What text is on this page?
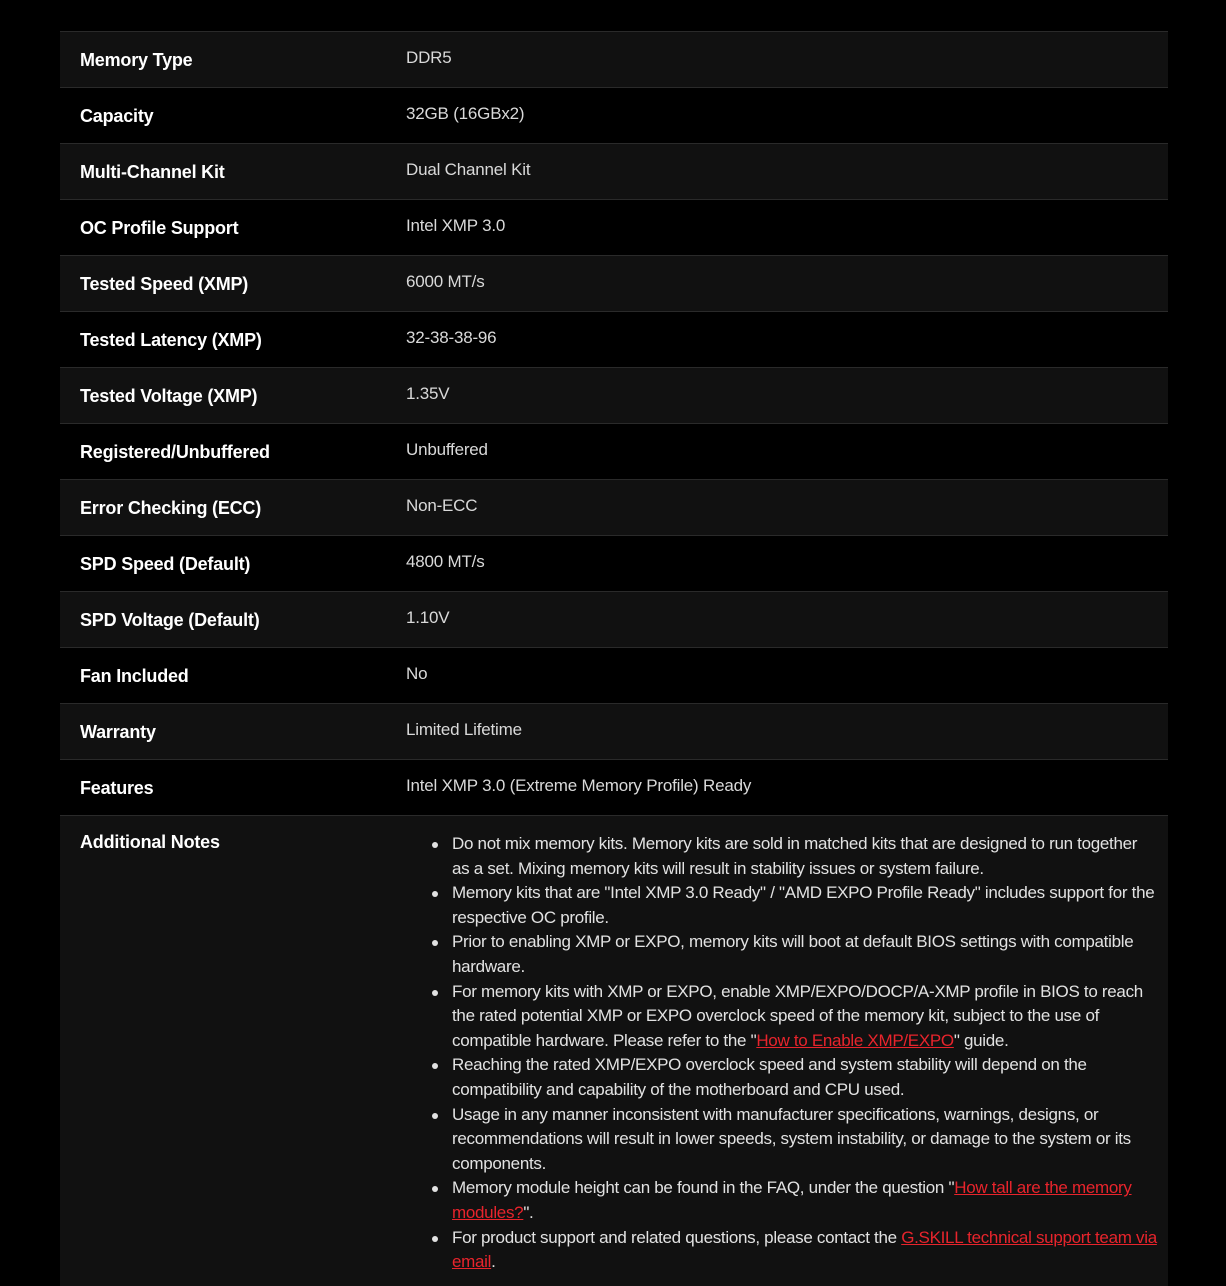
Memory Type	DDR5
Capacity	32GB (16GBx2)
Multi-Channel Kit	Dual Channel Kit
OC Profile Support	Intel XMP 3.0
Tested Speed (XMP)	6000 MT/s
Tested Latency (XMP)	32-38-38-96
Tested Voltage (XMP)	1.35V
Registered/Unbuffered	Unbuffered
Error Checking (ECC)	Non-ECC
SPD Speed (Default)	4800 MT/s
SPD Voltage (Default)	1.10V
Fan Included	No
Warranty	Limited Lifetime
Features	Intel XMP 3.0 (Extreme Memory Profile) Ready
Additional Notes	Do not mix memory kits. Memory kits are sold in matched kits that are designed to run together as a set. Mixing memory kits will result in stability issues or system failure.
Memory kits that are "Intel XMP 3.0 Ready" / "AMD EXPO Profile Ready" includes support for the respective OC profile.
Prior to enabling XMP or EXPO, memory kits will boot at default BIOS settings with compatible hardware.
For memory kits with XMP or EXPO, enable XMP/EXPO/DOCP/A-XMP profile in BIOS to reach the rated potential XMP or EXPO overclock speed of the memory kit, subject to the use of compatible hardware. Please refer to the "How to Enable XMP/EXPO" guide.
Reaching the rated XMP/EXPO overclock speed and system stability will depend on the compatibility and capability of the motherboard and CPU used.
Usage in any manner inconsistent with manufacturer specifications, warnings, designs, or recommendations will result in lower speeds, system instability, or damage to the system or its components.
Memory module height can be found in the FAQ, under the question "How tall are the memory modules?".
For product support and related questions, please contact the G.SKILL technical support team via email.
